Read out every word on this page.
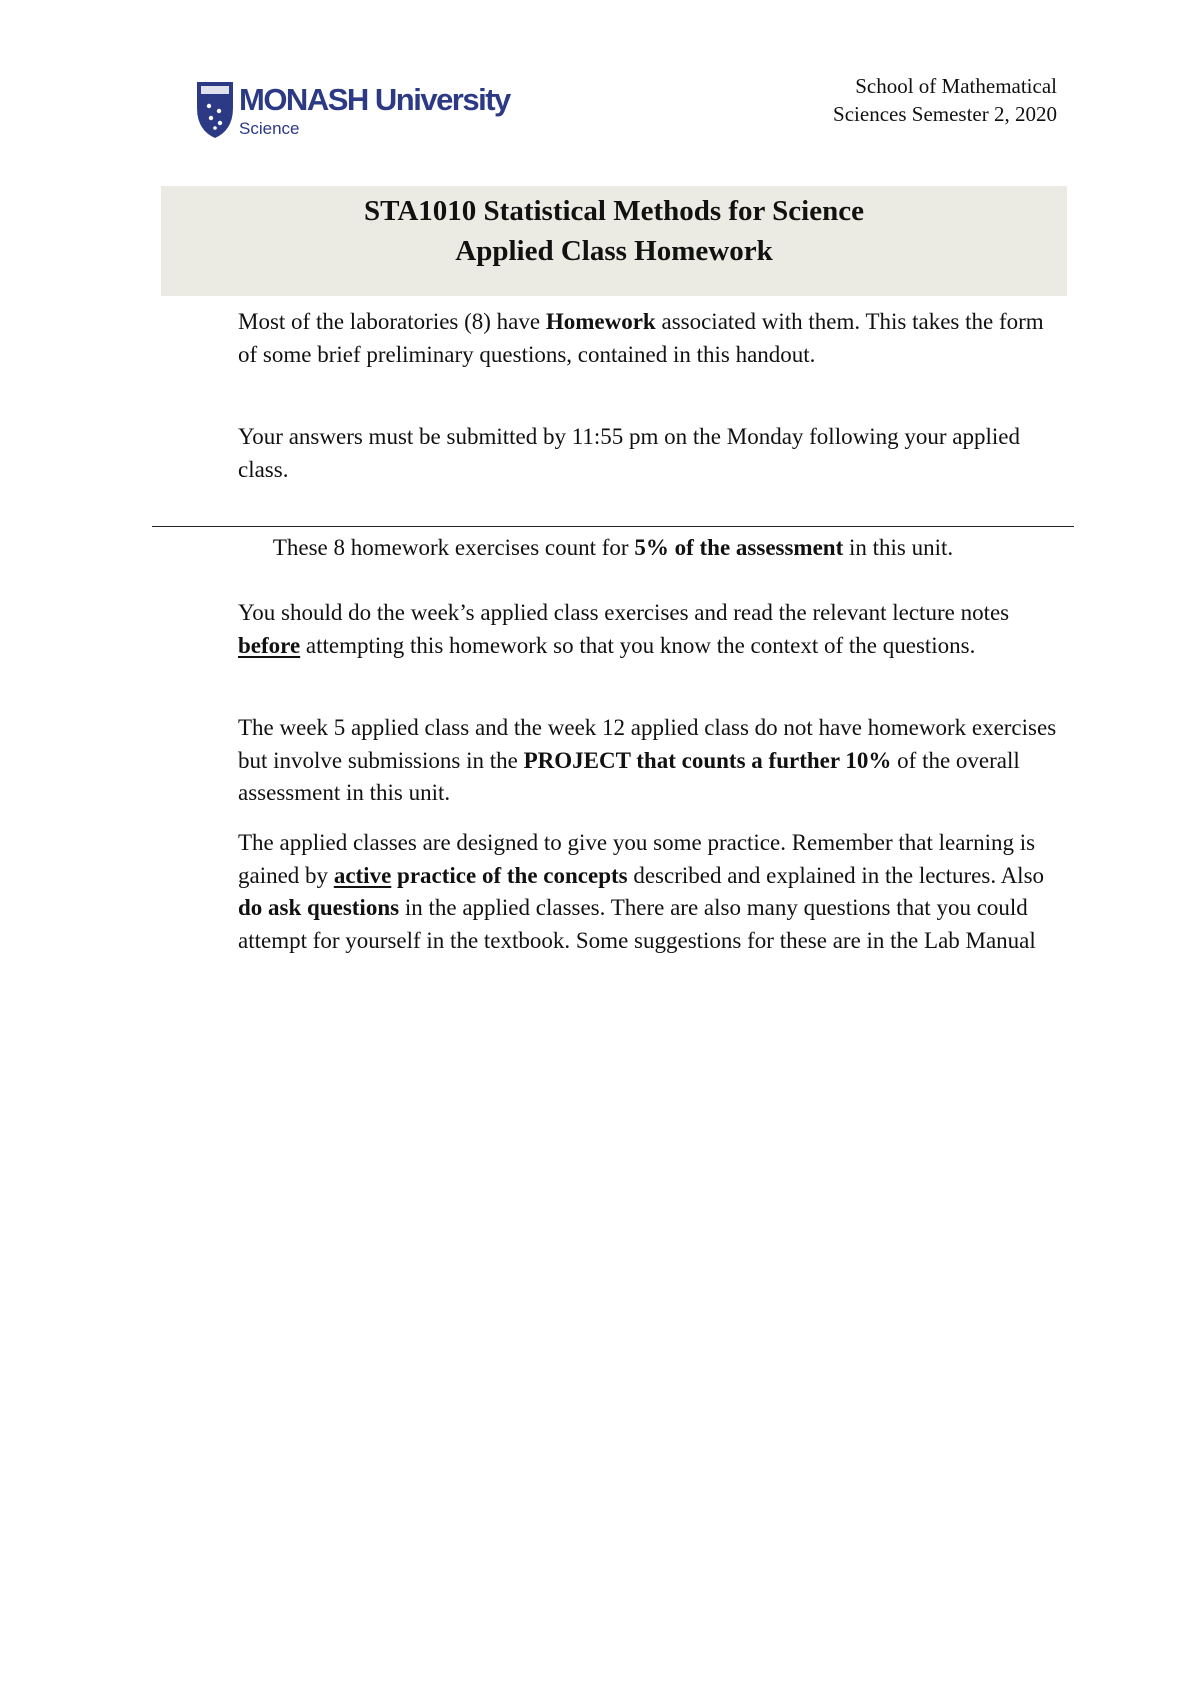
MONASH University
Science
School of Mathematical
Sciences Semester 2, 2020
STA1010 Statistical Methods for Science
Applied Class Homework

Most of the laboratories (8) have Homework associated with them. This takes the form of some brief preliminary questions, contained in this handout.

Your answers must be submitted by 11:55 pm on the Monday following your applied class.

These 8 homework exercises count for 5% of the assessment in this unit.

You should do the week’s applied class exercises and read the relevant lecture notes before attempting this homework so that you know the context of the questions.

The week 5 applied class and the week 12 applied class do not have homework exercises but involve submissions in the PROJECT that counts a further 10% of the overall assessment in this unit.

The applied classes are designed to give you some practice. Remember that learning is gained by active practice of the concepts described and explained in the lectures. Also do ask questions in the applied classes. There are also many questions that you could attempt for yourself in the textbook. Some suggestions for these are in the Lab Manual
